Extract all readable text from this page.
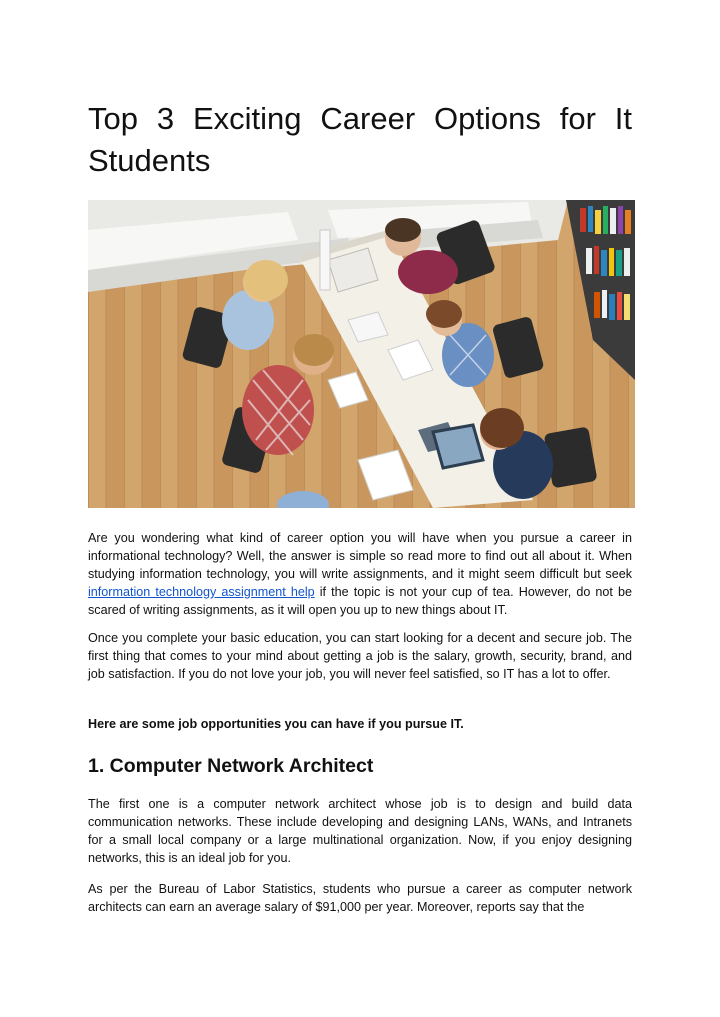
Top 3 Exciting Career Options for It Students

Are you wondering what kind of career option you will have when you pursue a career in informational technology? Well, the answer is simple so read more to find out all about it. When studying information technology, you will write assignments, and it might seem difficult but seek information technology assignment help if the topic is not your cup of tea. However, do not be scared of writing assignments, as it will open you up to new things about IT.

Once you complete your basic education, you can start looking for a decent and secure job. The first thing that comes to your mind about getting a job is the salary, growth, security, brand, and job satisfaction. If you do not love your job, you will never feel satisfied, so IT has a lot to offer.

Here are some job opportunities you can have if you pursue IT.

1. Computer Network Architect

The first one is a computer network architect whose job is to design and build data communication networks. These include developing and designing LANs, WANs, and Intranets for a small local company or a large multinational organization. Now, if you enjoy designing networks, this is an ideal job for you.

As per the Bureau of Labor Statistics, students who pursue a career as computer network architects can earn an average salary of $91,000 per year. Moreover, reports say that the
